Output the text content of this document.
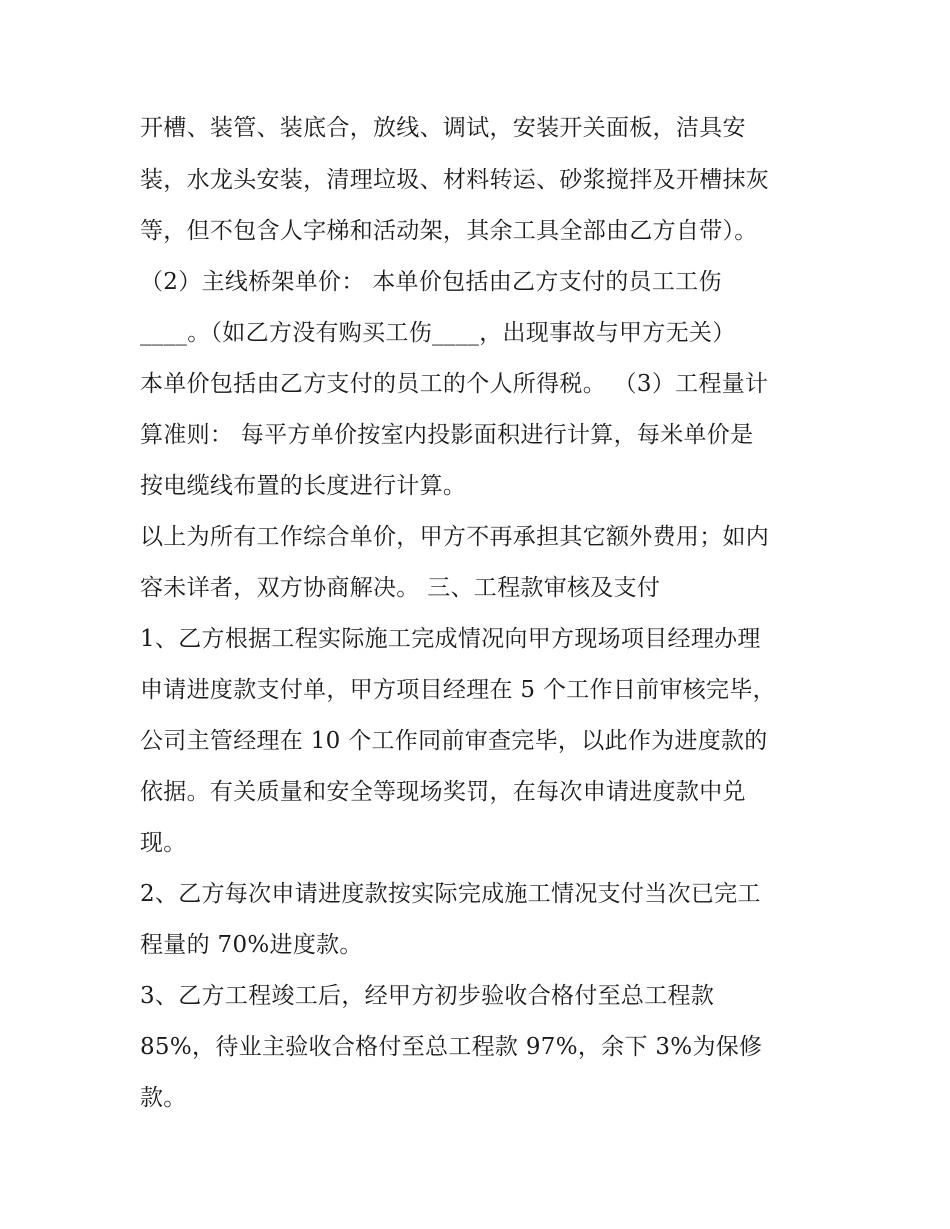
开槽、装管、装底合，放线、调试，安装开关面板，洁具安
装，水龙头安装，清理垃圾、材料转运、砂浆搅拌及开槽抹灰
等，但不包含人字梯和活动架，其余工具全部由乙方自带）。
（2）主线桥架单价： 本单价包括由乙方支付的员工工伤
____。（如乙方没有购买工伤____，出现事故与甲方无关）
本单价包括由乙方支付的员工的个人所得税。 （3）工程量计
算准则： 每平方单价按室内投影面积进行计算，每米单价是
按电缆线布置的长度进行计算。
以上为所有工作综合单价，甲方不再承担其它额外费用；如内
容未详者，双方协商解决。 三、工程款审核及支付
1、乙方根据工程实际施工完成情况向甲方现场项目经理办理
申请进度款支付单，甲方项目经理在 5 个工作日前审核完毕，
公司主管经理在 10 个工作同前审查完毕，以此作为进度款的
依据。有关质量和安全等现场奖罚，在每次申请进度款中兑
现。
2、乙方每次申请进度款按实际完成施工情况支付当次已完工
程量的 70%进度款。
3、乙方工程竣工后，经甲方初步验收合格付至总工程款
85%，待业主验收合格付至总工程款 97%，余下 3%为保修
款。
